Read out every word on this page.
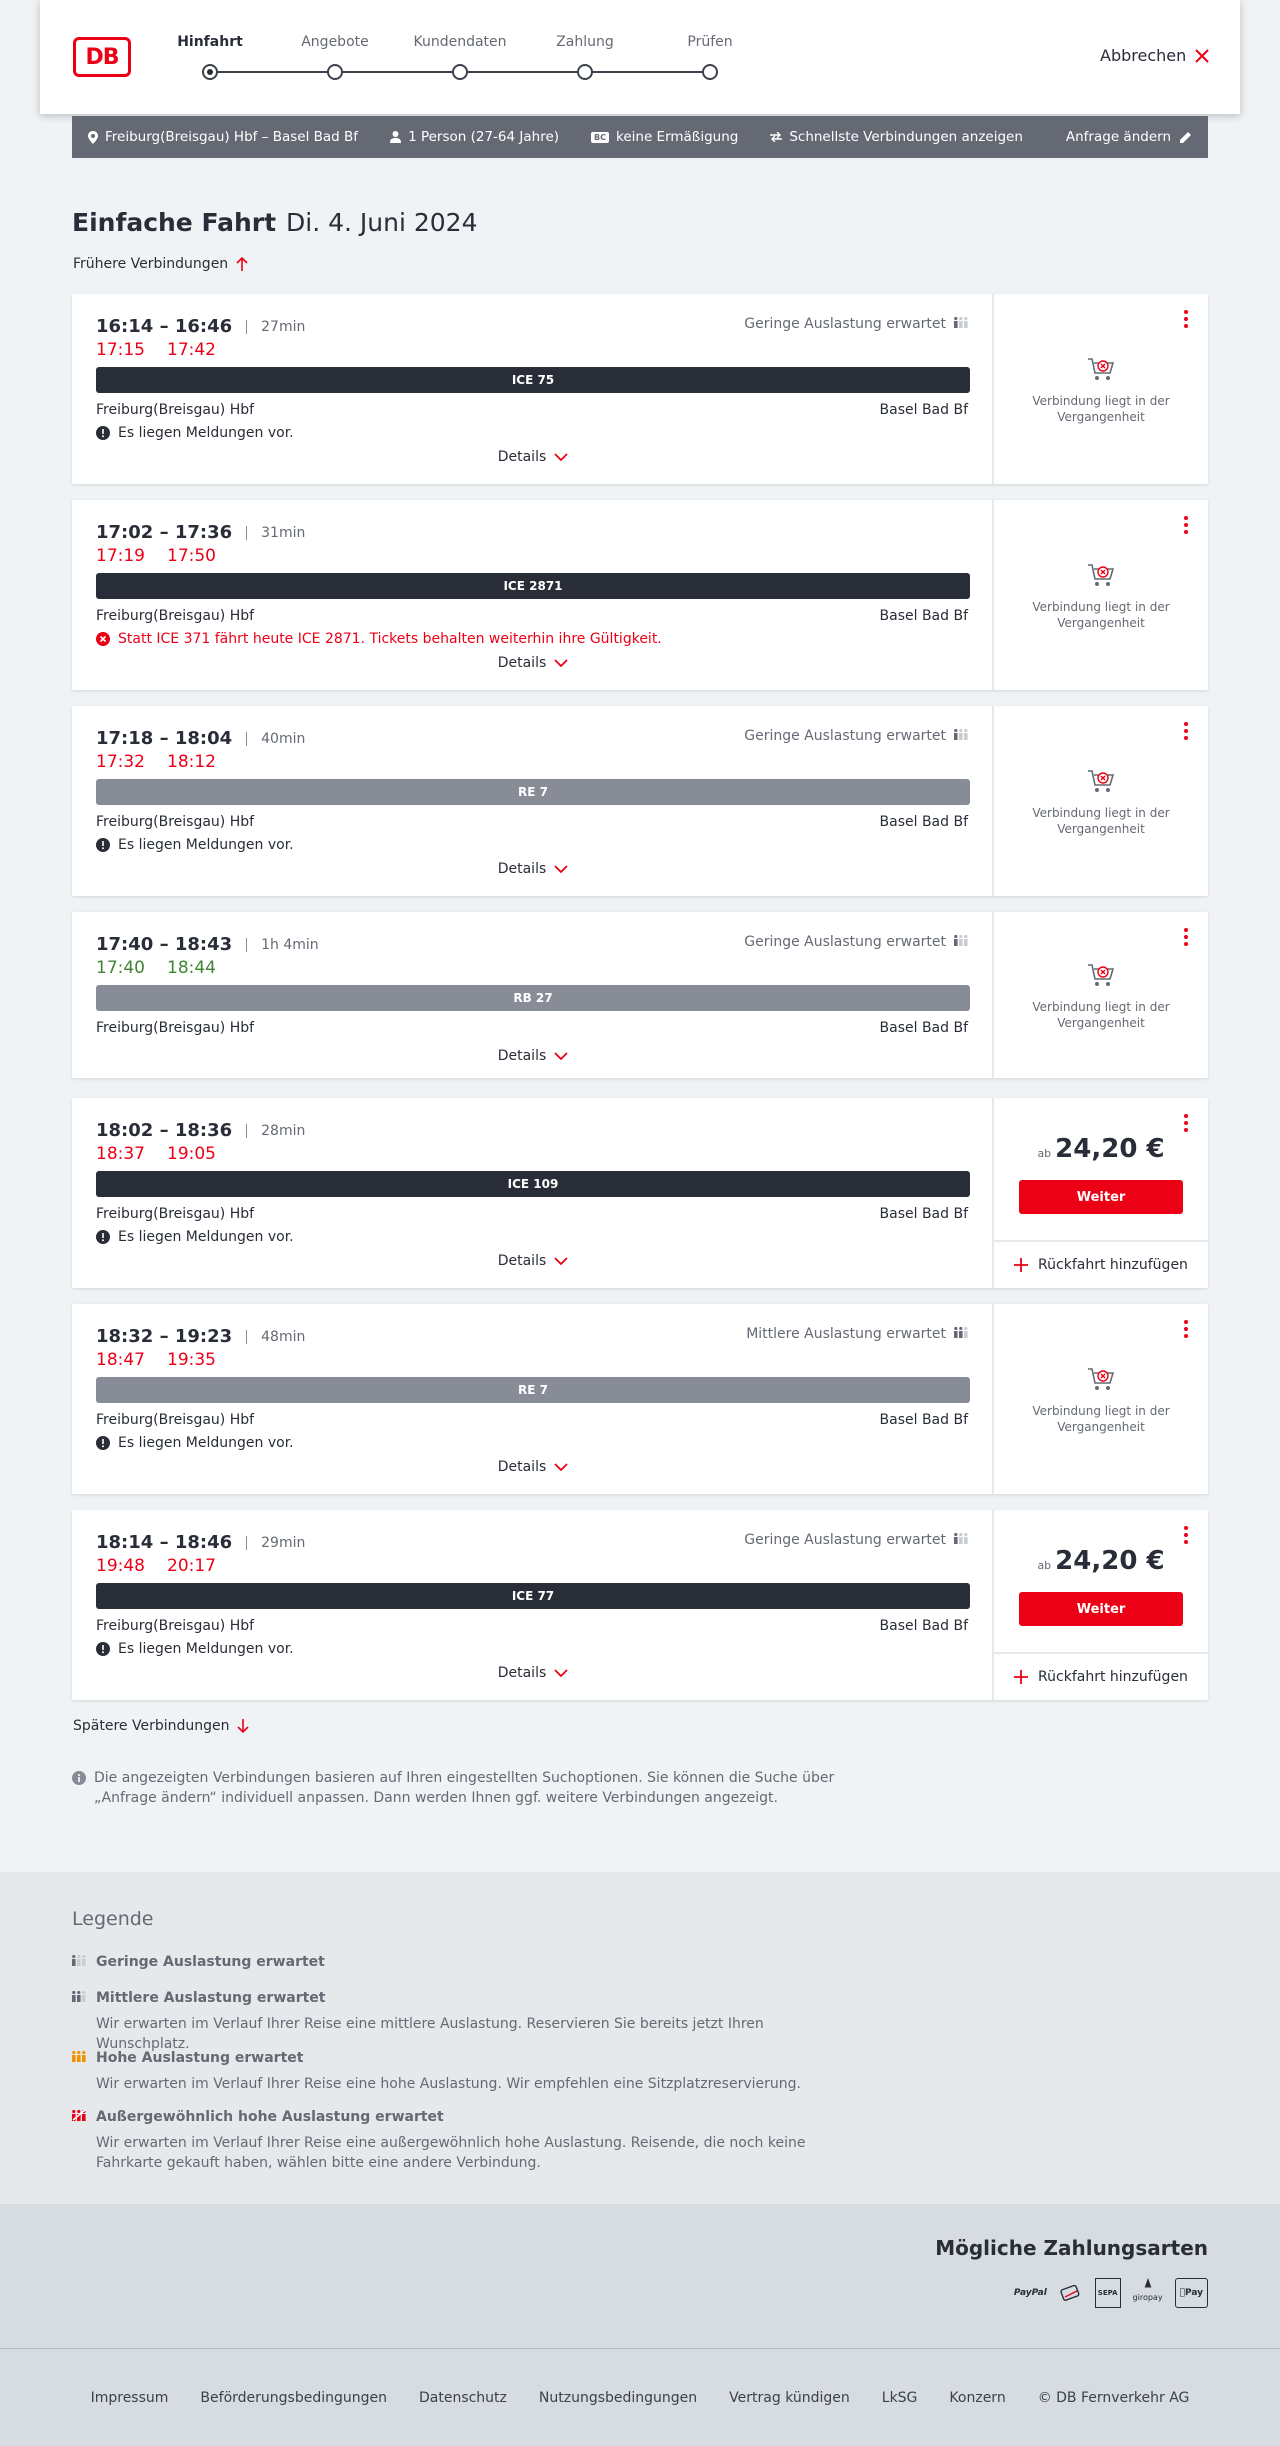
DB
Hinfahrt	Angebote	Kundendaten	Zahlung	Prüfen
Abbrechen
Freiburg(Breisgau) Hbf – Basel Bad Bf	1 Person (27-64 Jahre)	BC keine Ermäßigung	Schnellste Verbindungen anzeigen	Anfrage ändern
Einfache Fahrt Di. 4. Juni 2024
Frühere Verbindungen
16:14 – 16:46	27min
17:15 17:42
Geringe Auslastung erwartet
ICE 75
Freiburg(Breisgau) Hbf	Basel Bad Bf
Es liegen Meldungen vor.
Details
Verbindung liegt in der
Vergangenheit
17:02 – 17:36	31min
17:19 17:50
ICE 2871
Freiburg(Breisgau) Hbf	Basel Bad Bf
Statt ICE 371 fährt heute ICE 2871. Tickets behalten weiterhin ihre Gültigkeit.
Details
Verbindung liegt in der
Vergangenheit
17:18 – 18:04	40min
17:32 18:12
Geringe Auslastung erwartet
RE 7
Freiburg(Breisgau) Hbf	Basel Bad Bf
Es liegen Meldungen vor.
Details
Verbindung liegt in der
Vergangenheit
17:40 – 18:43	1h 4min
17:40 18:44
Geringe Auslastung erwartet
RB 27
Freiburg(Breisgau) Hbf	Basel Bad Bf
Details
Verbindung liegt in der
Vergangenheit
18:02 – 18:36	28min
18:37 19:05
ICE 109
Freiburg(Breisgau) Hbf	Basel Bad Bf
Es liegen Meldungen vor.
Details
ab 24,20 €
Weiter
Rückfahrt hinzufügen
18:32 – 19:23	48min
18:47 19:35
Mittlere Auslastung erwartet
RE 7
Freiburg(Breisgau) Hbf	Basel Bad Bf
Es liegen Meldungen vor.
Details
Verbindung liegt in der
Vergangenheit
18:14 – 18:46	29min
19:48 20:17
Geringe Auslastung erwartet
ICE 77
Freiburg(Breisgau) Hbf	Basel Bad Bf
Es liegen Meldungen vor.
Details
ab 24,20 €
Weiter
Rückfahrt hinzufügen
Spätere Verbindungen
Die angezeigten Verbindungen basieren auf Ihren eingestellten Suchoptionen. Sie können die Suche über „Anfrage ändern“ individuell anpassen. Dann werden Ihnen ggf. weitere Verbindungen angezeigt.
Legende
Geringe Auslastung erwartet
Mittlere Auslastung erwartet
Wir erwarten im Verlauf Ihrer Reise eine mittlere Auslastung. Reservieren Sie bereits jetzt Ihren Wunschplatz.
Hohe Auslastung erwartet
Wir erwarten im Verlauf Ihrer Reise eine hohe Auslastung. Wir empfehlen eine Sitzplatzreservierung.
Außergewöhnlich hohe Auslastung erwartet
Wir erwarten im Verlauf Ihrer Reise eine außergewöhnlich hohe Auslastung. Reisende, die noch keine Fahrkarte gekauft haben, wählen bitte eine andere Verbindung.
Mögliche Zahlungsarten
PayPal	SEPA
giropay	Pay
Impressum Beförderungsbedingungen Datenschutz Nutzungsbedingungen Vertrag kündigen LkSG Konzern © DB Fernverkehr AG
